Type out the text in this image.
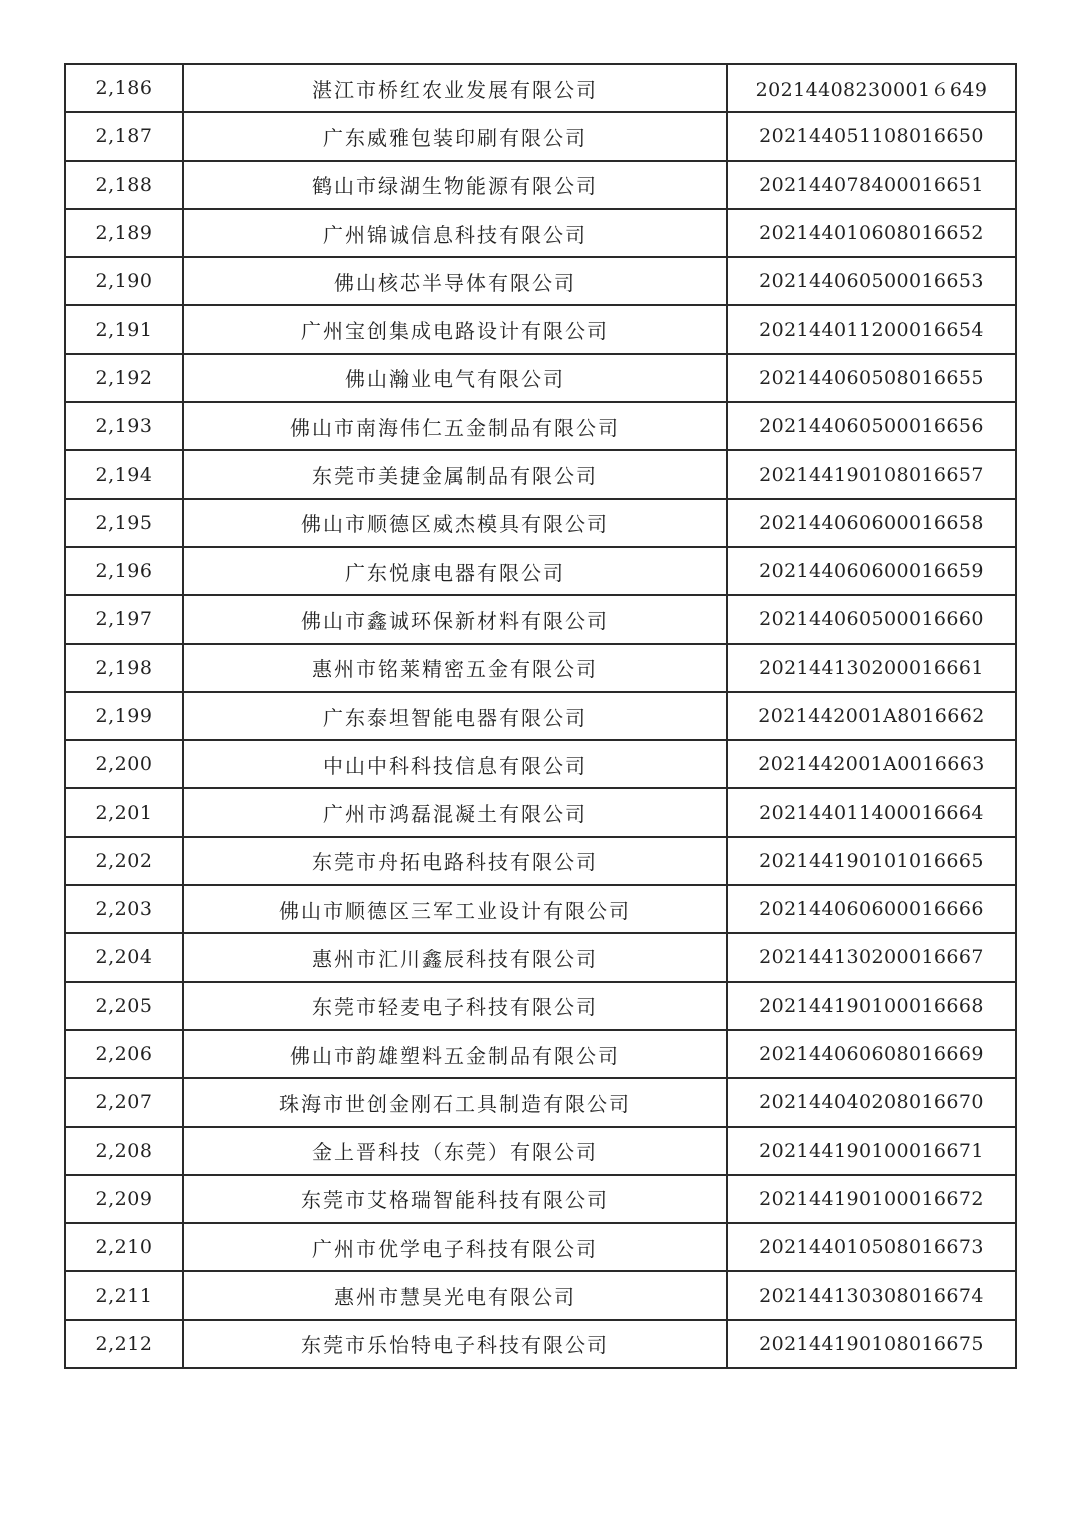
2,186	湛江市桥红农业发展有限公司	20214408230001６649
2,187	广东威雅包装印刷有限公司	202144051108016650
2,188	鹤山市绿湖生物能源有限公司	202144078400016651
2,189	广州锦诚信息科技有限公司	202144010608016652
2,190	佛山核芯半导体有限公司	202144060500016653
2,191	广州宝创集成电路设计有限公司	202144011200016654
2,192	佛山瀚业电气有限公司	202144060508016655
2,193	佛山市南海伟仁五金制品有限公司	202144060500016656
2,194	东莞市美捷金属制品有限公司	202144190108016657
2,195	佛山市顺德区威杰模具有限公司	202144060600016658
2,196	广东悦康电器有限公司	202144060600016659
2,197	佛山市鑫诚环保新材料有限公司	202144060500016660
2,198	惠州市铭莱精密五金有限公司	202144130200016661
2,199	广东泰坦智能电器有限公司	2021442001A8016662
2,200	中山中科科技信息有限公司	2021442001A0016663
2,201	广州市鸿磊混凝土有限公司	202144011400016664
2,202	东莞市舟拓电路科技有限公司	202144190101016665
2,203	佛山市顺德区三军工业设计有限公司	202144060600016666
2,204	惠州市汇川鑫辰科技有限公司	202144130200016667
2,205	东莞市轻麦电子科技有限公司	202144190100016668
2,206	佛山市韵雄塑料五金制品有限公司	202144060608016669
2,207	珠海市世创金刚石工具制造有限公司	202144040208016670
2,208	金上晋科技（东莞）有限公司	202144190100016671
2,209	东莞市艾格瑞智能科技有限公司	202144190100016672
2,210	广州市优学电子科技有限公司	202144010508016673
2,211	惠州市慧昊光电有限公司	202144130308016674
2,212	东莞市乐怡特电子科技有限公司	202144190108016675
